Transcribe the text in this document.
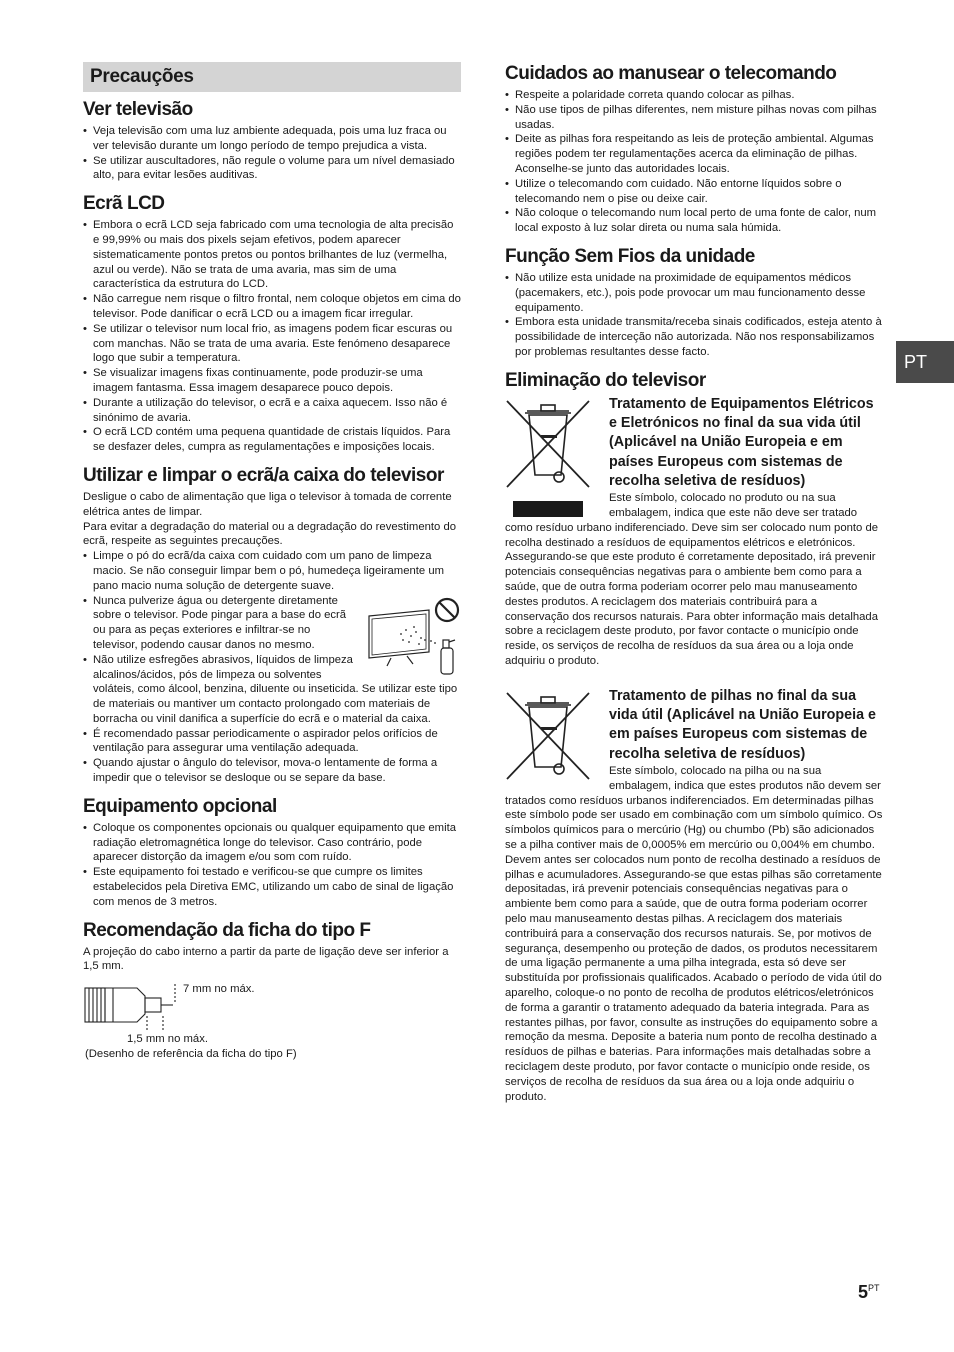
Precauções
Ver televisão
• Veja televisão com uma luz ambiente adequada, pois uma luz fraca ou ver televisão durante um longo período de tempo prejudica a vista.
• Se utilizar auscultadores, não regule o volume para um nível demasiado alto, para evitar lesões auditivas.
Ecrã LCD
• Embora o ecrã LCD seja fabricado com uma tecnologia de alta precisão e 99,99% ou mais dos pixels sejam efetivos, podem aparecer sistematicamente pontos pretos ou pontos brilhantes de luz (vermelha, azul ou verde). Não se trata de uma avaria, mas sim de uma característica da estrutura do LCD.
• Não carregue nem risque o filtro frontal, nem coloque objetos em cima do televisor. Pode danificar o ecrã LCD ou a imagem ficar irregular.
• Se utilizar o televisor num local frio, as imagens podem ficar escuras ou com manchas. Não se trata de uma avaria. Este fenómeno desaparece logo que subir a temperatura.
• Se visualizar imagens fixas continuamente, pode produzir-se uma imagem fantasma. Essa imagem desaparece pouco depois.
• Durante a utilização do televisor, o ecrã e a caixa aquecem. Isso não é sinónimo de avaria.
• O ecrã LCD contém uma pequena quantidade de cristais líquidos. Para se desfazer deles, cumpra as regulamentações e imposições locais.
Utilizar e limpar o ecrã/a caixa do televisor

Desligue o cabo de alimentação que liga o televisor à tomada de corrente elétrica antes de limpar.

Para evitar a degradação do material ou a degradação do revestimento do ecrã, respeite as seguintes precauções.

• Limpe o pó do ecrã/da caixa com cuidado com um pano de limpeza macio. Se não conseguir limpar bem o pó, humedeça ligeiramente um pano macio numa solução de detergente suave.
• Nunca pulverize água ou detergente diretamente sobre o televisor. Pode pingar para a base do ecrã ou para as peças exteriores e infiltrar-se no televisor, podendo causar danos no mesmo.
• Não utilize esfregões abrasivos, líquidos de limpeza alcalinos/ácidos, pós de limpeza ou solventes voláteis, como álcool, benzina, diluente ou inseticida. Se utilizar este tipo de materiais ou mantiver um contacto prolongado com materiais de borracha ou vinil danifica a superfície do ecrã e o material da caixa.
• É recomendado passar periodicamente o aspirador pelos orifícios de ventilação para assegurar uma ventilação adequada.
• Quando ajustar o ângulo do televisor, mova-o lentamente de forma a impedir que o televisor se desloque ou se separe da base.
Equipamento opcional
• Coloque os componentes opcionais ou qualquer equipamento que emita radiação eletromagnética longe do televisor. Caso contrário, pode aparecer distorção da imagem e/ou som com ruído.
• Este equipamento foi testado e verificou-se que cumpre os limites estabelecidos pela Diretiva EMC, utilizando um cabo de sinal de ligação com menos de 3 metros.
Recomendação da ficha do tipo F

A projeção do cabo interno a partir da parte de ligação deve ser inferior a 1,5 mm.

7 mm no máx.

1,5 mm no máx.

(Desenho de referência da ficha do tipo F)

Cuidados ao manusear o telecomando
• Respeite a polaridade correta quando colocar as pilhas.
• Não use tipos de pilhas diferentes, nem misture pilhas novas com pilhas usadas.
• Deite as pilhas fora respeitando as leis de proteção ambiental. Algumas regiões podem ter regulamentações acerca da eliminação de pilhas. Aconselhe-se junto das autoridades locais.
• Utilize o telecomando com cuidado. Não entorne líquidos sobre o telecomando nem o pise ou deixe cair.
• Não coloque o telecomando num local perto de uma fonte de calor, num local exposto à luz solar direta ou numa sala húmida.
Função Sem Fios da unidade
• Não utilize esta unidade na proximidade de equipamentos médicos (pacemakers, etc.), pois pode provocar um mau funcionamento desse equipamento.
• Embora esta unidade transmita/receba sinais codificados, esteja atento à possibilidade de interceção não autorizada. Não nos responsabilizamos por problemas resultantes desse facto.
Eliminação do televisor
Tratamento de Equipamentos Elétricos e Eletrónicos no final da sua vida útil (Aplicável na União Europeia e em países Europeus com sistemas de recolha seletiva de resíduos)

Este símbolo, colocado no produto ou na sua embalagem, indica que este não deve ser tratado como resíduo urbano indiferenciado. Deve sim ser colocado num ponto de recolha destinado a resíduos de equipamentos elétricos e eletrónicos. Assegurando-se que este produto é corretamente depositado, irá prevenir potenciais consequências negativas para o ambiente bem como para a saúde, que de outra forma poderiam ocorrer pelo mau manuseamento destes produtos. A reciclagem dos materiais contribuirá para a conservação dos recursos naturais. Para obter informação mais detalhada sobre a reciclagem deste produto, por favor contacte o município onde reside, os serviços de recolha de resíduos da sua área ou a loja onde adquiriu o produto.

Tratamento de pilhas no final da sua vida útil (Aplicável na União Europeia e em países Europeus com sistemas de recolha seletiva de resíduos)

Este símbolo, colocado na pilha ou na sua embalagem, indica que estes produtos não devem ser tratados como resíduos urbanos indiferenciados. Em determinadas pilhas este símbolo pode ser usado em combinação com um símbolo químico. Os símbolos químicos para o mercúrio (Hg) ou chumbo (Pb) são adicionados se a pilha contiver mais de 0,0005% em mercúrio ou 0,004% em chumbo. Devem antes ser colocados num ponto de recolha destinado a resíduos de pilhas e acumuladores. Assegurando-se que estas pilhas são corretamente depositadas, irá prevenir potenciais consequências negativas para o ambiente bem como para a saúde, que de outra forma poderiam ocorrer pelo mau manuseamento destas pilhas. A reciclagem dos materiais contribuirá para a conservação dos recursos naturais. Se, por motivos de segurança, desempenho ou proteção de dados, os produtos necessitarem de uma ligação permanente a uma pilha integrada, esta só deve ser substituída por profissionais qualificados. Acabado o período de vida útil do aparelho, coloque-o no ponto de recolha de produtos elétricos/eletrónicos de forma a garantir o tratamento adequado da bateria integrada. Para as restantes pilhas, por favor, consulte as instruções do equipamento sobre a remoção da mesma. Deposite a bateria num ponto de recolha destinado a resíduos de pilhas e baterias. Para informações mais detalhadas sobre a reciclagem deste produto, por favor contacte o município onde reside, os serviços de recolha de resíduos da sua área ou a loja onde adquiriu o produto.

PT
$5^{PT}$
